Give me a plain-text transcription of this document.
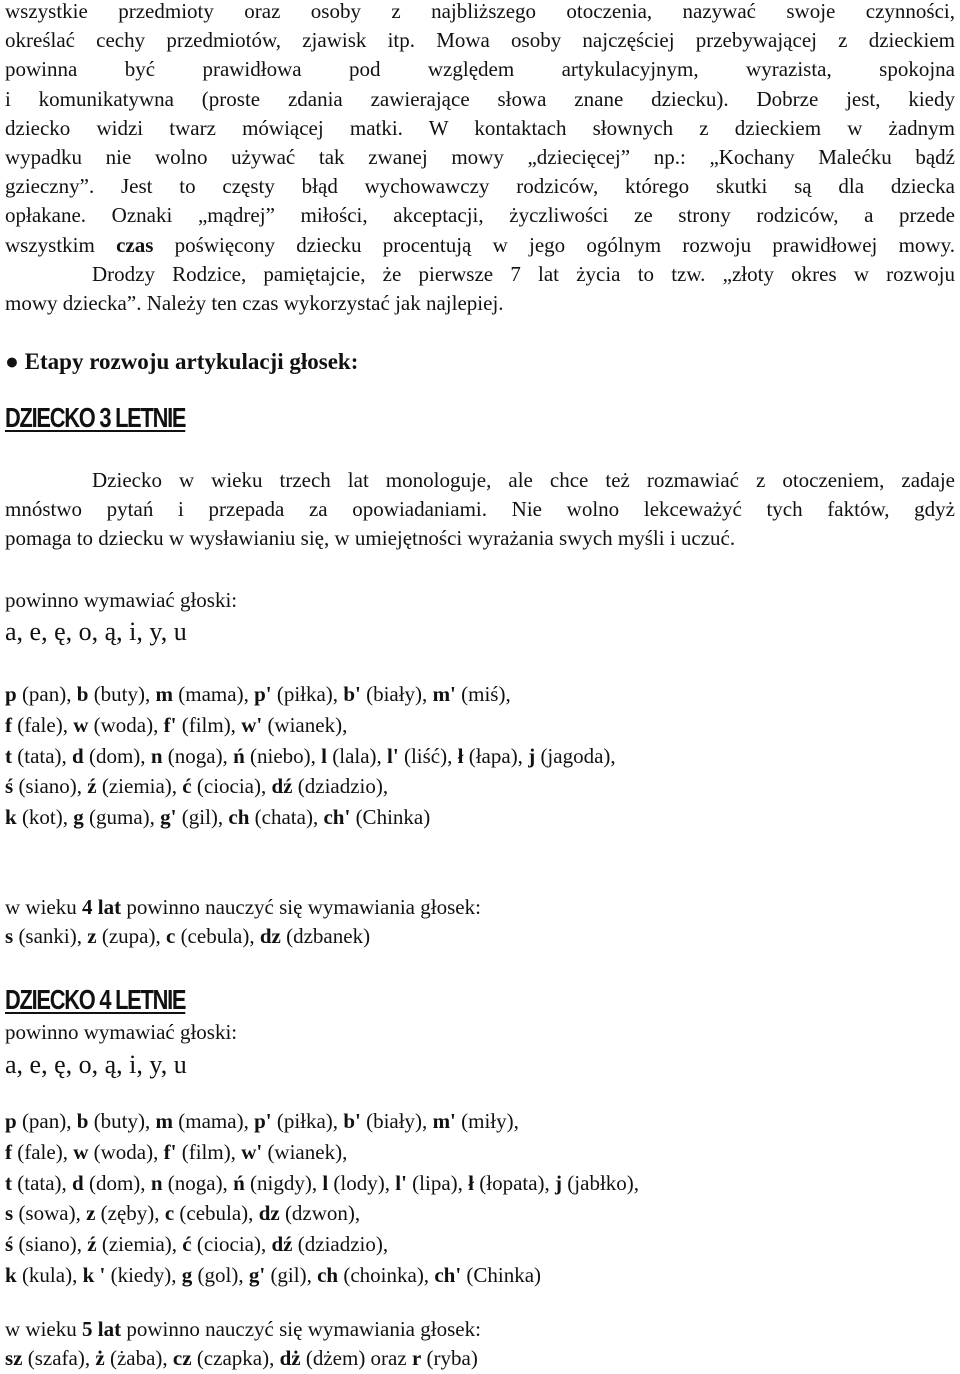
wszystkie przedmioty oraz osoby z najbliższego otoczenia, nazywać swoje czynności,
określać cechy przedmiotów, zjawisk itp. Mowa osoby najczęściej przebywającej z dzieckiem
powinna być prawidłowa pod względem artykulacyjnym, wyrazista, spokojna
i komunikatywna (proste zdania zawierające słowa znane dziecku). Dobrze jest, kiedy
dziecko widzi twarz mówiącej matki. W kontaktach słownych z dzieckiem w żadnym
wypadku nie wolno używać tak zwanej mowy „dziecięcej” np.: „Kochany Malećku bądź
gzieczny”. Jest to częsty błąd wychowawczy rodziców, którego skutki są dla dziecka
opłakane. Oznaki „mądrej” miłości, akceptacji, życzliwości ze strony rodziców, a przede
wszystkim czas poświęcony dziecku procentują w jego ogólnym rozwoju prawidłowej mowy.
Drodzy Rodzice, pamiętajcie, że pierwsze 7 lat życia to tzw. „złoty okres w rozwoju
mowy dziecka”. Należy ten czas wykorzystać jak najlepiej.
● Etapy rozwoju artykulacji głosek:
DZIECKO 3 LETNIE
Dziecko w wieku trzech lat monologuje, ale chce też rozmawiać z otoczeniem, zadaje
mnóstwo pytań i przepada za opowiadaniami. Nie wolno lekceważyć tych faktów, gdyż
pomaga to dziecku w wysławianiu się, w umiejętności wyrażania swych myśli i uczuć.
powinno wymawiać głoski:
a, e, ę, o, ą, i, y, u
p (pan), b (buty), m (mama), p' (piłka), b' (biały), m' (miś),
f (fale), w (woda), f' (film), w' (wianek),
t (tata), d (dom), n (noga), ń (niebo), l (lala), l' (liść), ł (łapa), j (jagoda),
ś (siano), ź (ziemia), ć (ciocia), dź (dziadzio),
k (kot), g (guma), g' (gil), ch (chata), ch' (Chinka)
w wieku 4 lat powinno nauczyć się wymawiania głosek:
s (sanki), z (zupa), c (cebula), dz (dzbanek)
DZIECKO 4 LETNIE
powinno wymawiać głoski:
a, e, ę, o, ą, i, y, u
p (pan), b (buty), m (mama), p' (piłka), b' (biały), m' (miły),
f (fale), w (woda), f' (film), w' (wianek),
t (tata), d (dom), n (noga), ń (nigdy), l (lody), l' (lipa), ł (łopata), j (jabłko),
s (sowa), z (zęby), c (cebula), dz (dzwon),
ś (siano), ź (ziemia), ć (ciocia), dź (dziadzio),
k (kula), k ' (kiedy), g (gol), g' (gil), ch (choinka), ch' (Chinka)
w wieku 5 lat powinno nauczyć się wymawiania głosek:
sz (szafa), ż (żaba), cz (czapka), dż (dżem) oraz r (ryba)
